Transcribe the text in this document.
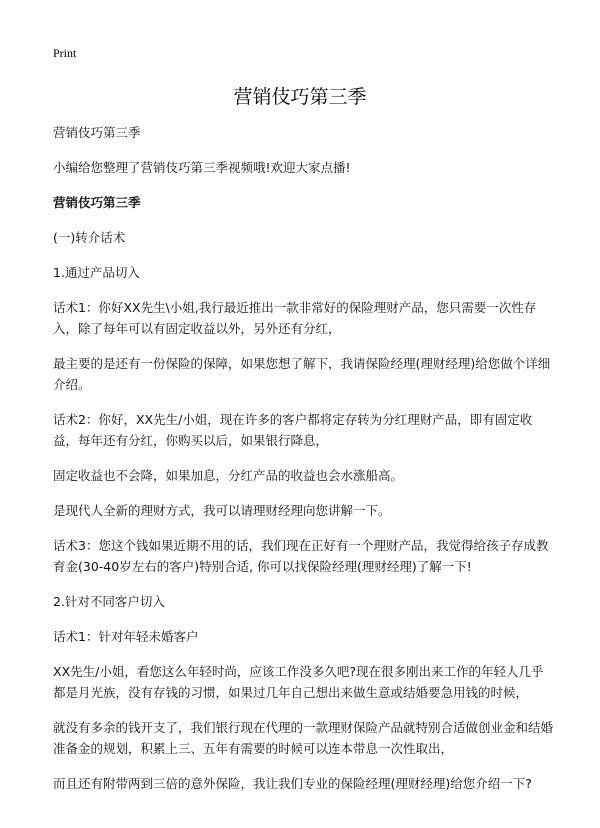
Print
营销伎巧第三季

营销伎巧第三季

小编给您整理了营销伎巧第三季视频哦!欢迎大家点播!

营销伎巧第三季

(一)转介话术

1.通过产品切入

话术1：你好XX先生\小姐,我行最近推出一款非常好的保险理财产品，您只需要一次性存入，除了每年可以有固定收益以外，另外还有分红，

最主要的是还有一份保险的保障，如果您想了解下，我请保险经理(理财经理)给您做个详细介绍。

话术2：你好，XX先生/小姐，现在许多的客户都将定存转为分红理财产品，即有固定收益，每年还有分红，你购买以后，如果银行降息，

固定收益也不会降，如果加息，分红产品的收益也会水涨船高。

是现代人全新的理财方式，我可以请理财经理向您讲解一下。

话术3：您这个钱如果近期不用的话，我们现在正好有一个理财产品，我觉得给孩子存成教育金(30-40岁左右的客户)特别合适, 你可以找保险经理(理财经理)了解一下!

2.针对不同客户切入

话术1：针对年轻未婚客户

XX先生/小姐，看您这么年轻时尚，应该工作没多久吧?现在很多刚出来工作的年轻人几乎都是月光族，没有存钱的习惯，如果过几年自己想出来做生意或结婚要急用钱的时候，

就没有多余的钱开支了，我们银行现在代理的一款理财保险产品就特别合适做创业金和结婚准备金的规划，积累上三、五年有需要的时候可以连本带息一次性取出，

而且还有附带两到三倍的意外保险，我让我们专业的保险经理(理财经理)给您介绍一下?
